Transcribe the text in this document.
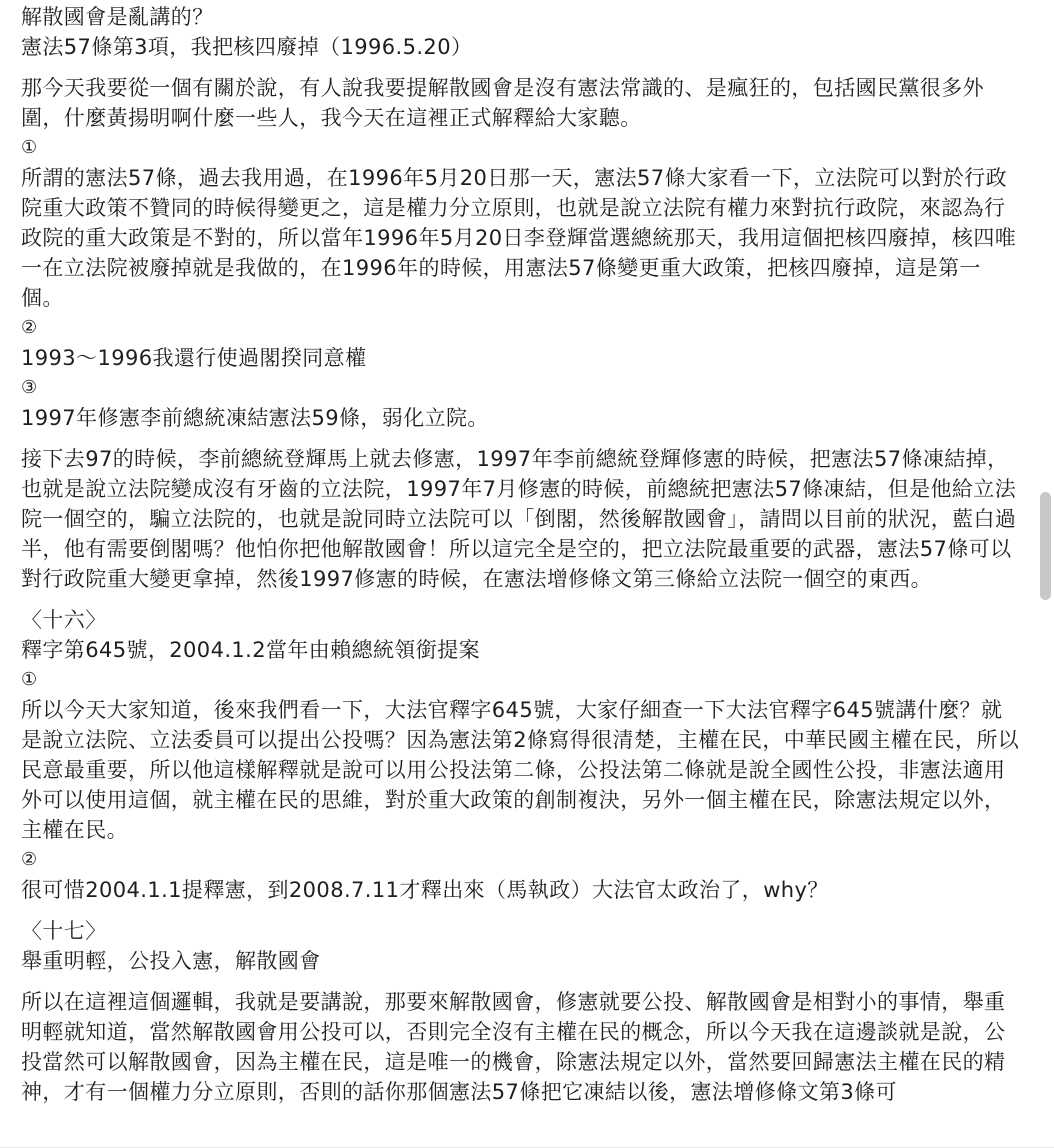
解散國會是亂講的？

憲法57條第3項，我把核四廢掉（1996.5.20）

那今天我要從一個有關於說，有人說我要提解散國會是沒有憲法常識的、是瘋狂的，包括國民黨很多外圍，什麼黃揚明啊什麼一些人，我今天在這裡正式解釋給大家聽。

①

所謂的憲法57條，過去我用過，在1996年5月20日那一天，憲法57條大家看一下，立法院可以對於行政院重大政策不贊同的時候得變更之，這是權力分立原則，也就是說立法院有權力來對抗行政院，來認為行政院的重大政策是不對的，所以當年1996年5月20日李登輝當選總統那天，我用這個把核四廢掉，核四唯一在立法院被廢掉就是我做的，在1996年的時候，用憲法57條變更重大政策，把核四廢掉，這是第一個。

②

1993～1996我還行使過閣揆同意權

③

1997年修憲李前總統凍結憲法59條，弱化立院。

接下去97的時候，李前總統登輝馬上就去修憲，1997年李前總統登輝修憲的時候，把憲法57條凍結掉，也就是說立法院變成沒有牙齒的立法院，1997年7月修憲的時候，前總統把憲法57條凍結，但是他給立法院一個空的，騙立法院的，也就是說同時立法院可以「倒閣，然後解散國會」，請問以目前的狀況，藍白過半，他有需要倒閣嗎？他怕你把他解散國會！所以這完全是空的，把立法院最重要的武器，憲法57條可以對行政院重大變更拿掉，然後1997修憲的時候，在憲法增修條文第三條給立法院一個空的東西。

〈十六〉

釋字第645號，2004.1.2當年由賴總統領銜提案

①

所以今天大家知道，後來我們看一下，大法官釋字645號，大家仔細查一下大法官釋字645號講什麼？就是說立法院、立法委員可以提出公投嗎？因為憲法第2條寫得很清楚，主權在民，中華民國主權在民，所以民意最重要，所以他這樣解釋就是說可以用公投法第二條，公投法第二條就是說全國性公投，非憲法適用外可以使用這個，就主權在民的思維，對於重大政策的創制複決，另外一個主權在民，除憲法規定以外，主權在民。

②

很可惜2004.1.1提釋憲，到2008.7.11才釋出來（馬執政）大法官太政治了，why？

〈十七〉

舉重明輕，公投入憲，解散國會

所以在這裡這個邏輯，我就是要講說，那要來解散國會，修憲就要公投、解散國會是相對小的事情，舉重明輕就知道，當然解散國會用公投可以，否則完全沒有主權在民的概念，所以今天我在這邊談就是說，公投當然可以解散國會，因為主權在民，這是唯一的機會，除憲法規定以外，當然要回歸憲法主權在民的精神，才有一個權力分立原則，否則的話你那個憲法57條把它凍結以後，憲法增修條文第3條可
